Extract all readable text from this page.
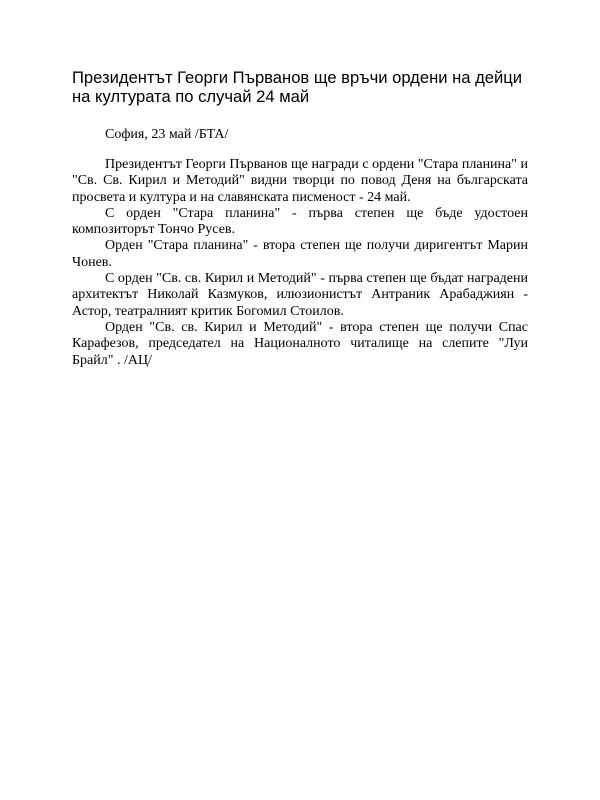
Президентът Георги Първанов ще връчи ордени на дейци на културата по случай 24 май

София, 23 май /БТА/

Президентът Георги Първанов ще награди с ордени "Стара планина" и "Св. Св. Кирил и Методий" видни творци по повод Деня на българската просвета и култура и на славянската писменост - 24 май.

С орден "Стара планина" - първа степен ще бъде удостоен композиторът Тончо Русев.

Орден "Стара планина" - втора степен ще получи диригентът Марин Чонев.

С орден "Св. св. Кирил и Методий" - първа степен ще бъдат наградени архитектът Николай Казмуков, илюзионистът Антраник Арабаджиян - Астор, театралният критик Богомил Стоилов.

Орден "Св. св. Кирил и Методий" - втора степен ще получи Спас Карафезов, председател на Националното читалище на слепите "Луи Брайл" . /АЦ/
